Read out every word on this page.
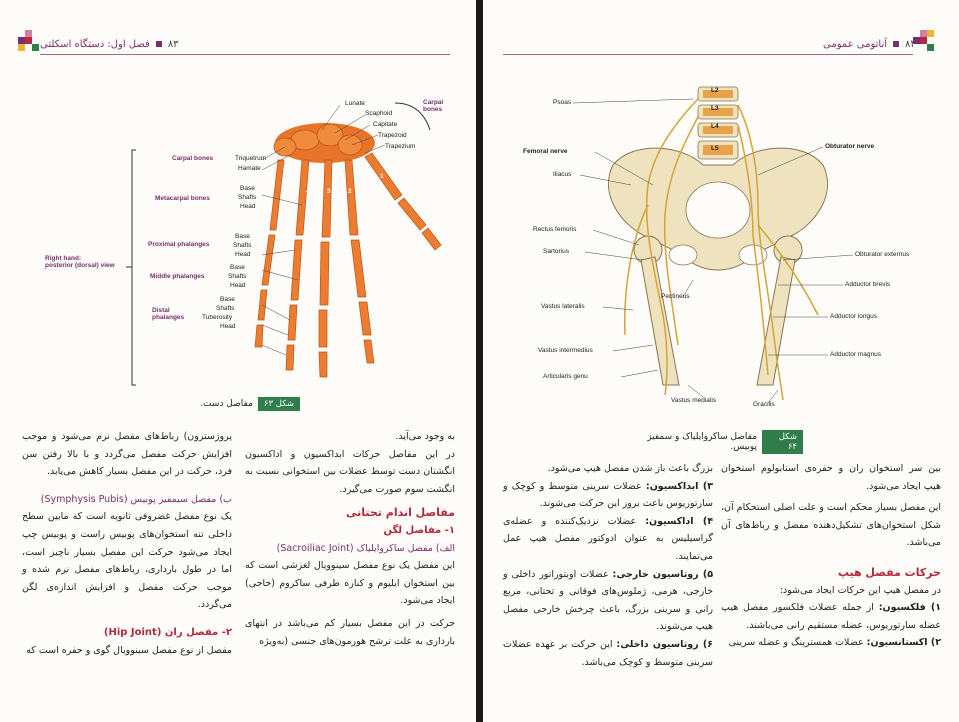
۸۳
فصل اول: دستگاه اسکلتی
Lunate
Scaphoid
Capitate
Trapezoid
Trapezium
Carpal
bones
Carpal bones	Triquetrum
Hamate
Metacarpal bones
Base
Shafts
Head
Right hand:
posterior (dorsal) view
Proximal phalanges
Base
Shafts
Head
Middle phalanges
Base
Shafts
Head
Distal
phalanges
Base
Shafts
Tuberosity
Head
5	4	3	2
1
شکل ۶۳
مفاصل دست.

به وجود می‌آید.

در این مفاصل حرکات ابداکسیون و اداکسیون انگشتان دست توسط عضلات بین استخوانی نسبت به انگشت سوم صورت می‌گیرد.

مفاصل اندام تحتانی

۱- مفاصل لگن

الف) مفصل ساکروایلیاک (Sacroiliac Joint)

این مفصل یک نوع مفصل سینوویال لغزشی است که بین استخوان ایلیوم و کناره طرفی ساکروم (خاجی) ایجاد می‌شود.

حرکت در این مفصل بسیار کم می‌باشد در انتهای بارداری به علت ترشح هورمون‌های جنسی (به‌ویژه

پروژسترون) رباط‌های مفصل نرم می‌شود و موجب افزایش حرکت مفصل می‌گردد و با بالا رفتن سن فرد، حرکت در این مفصل بسیار کاهش می‌یابد.

ب) مفصل سیمفیز پوبیس (Symphysis Pubis)

یک نوع مفصل غضروفی ثانویه است که مابین سطح داخلی تنه استخوان‌های پوبیس راست و پوبیس چپ ایجاد می‌شود حرکت این مفصل بسیار ناچیز است، اما در طول بارداری، رباط‌های مفصل نرم شده و موجب حرکت مفصل و افزایش اندازه‌ی لگن می‌گردد.

۲- مفصل ران (Hip Joint)

مفصل از نوع مفصل سینوویال گوی و حفره است که

۸۴
آناتومی عمومی
Psoas
L2
L3
L4
L5
Femoral nerve
Obturator nerve
Iliacus
Rectus femoris
Sartorius	Obturator externus
Adductor brevis
Pectineus
Vastus lateralis
Adductor longus
Vastus intermedius
Adductor magnus
Articularis genu
Vastus medialis
Gracilis
شکل ۶۴
مفاصل ساکروایلیاک و سمفیز پوبیس.

بین سر استخوان ران و حفره‌ی استابولوم استخوان هیپ ایجاد می‌شود.

این مفصل بسیار محکم است و علت اصلی استحکام آن، شکل استخوان‌های تشکیل‌دهنده مفصل و رباط‌های آن می‌باشد.

حرکات مفصل هیپ

در مفصل هیپ این حرکات ایجاد می‌شود:

۱) فلکسیون: از جمله عضلات فلکسور مفصل هیپ عضله سارتوریوس، عضله مستقیم رانی می‌باشند.

۲) اکستانسیون: عضلات همسترینگ و عضله سرینی

بزرگ باعث باز شدن مفصل هیپ می‌شود.

۳) ابداکسیون: عضلات سرینی متوسط و کوچک و سارتوریوس باعث بروز این حرکت می‌شوند.

۴) اداکسیون: عضلات نزدیک‌کننده و عضله‌ی گراسیلیس به عنوان ادوکتور مفصل هیپ عمل می‌نمایند.

۵) روتاسیون خارجی: عضلات اوبتوراتور داخلی و خارجی، هرمی، ژملوس‌های فوقانی و تحتانی، مربع رانی و سرینی بزرگ، باعث چرخش خارجی مفصل هیپ می‌شوند.

۶) روتاسیون داخلی: این حرکت بر عهده عضلات سرینی متوسط و کوچک می‌باشد.
